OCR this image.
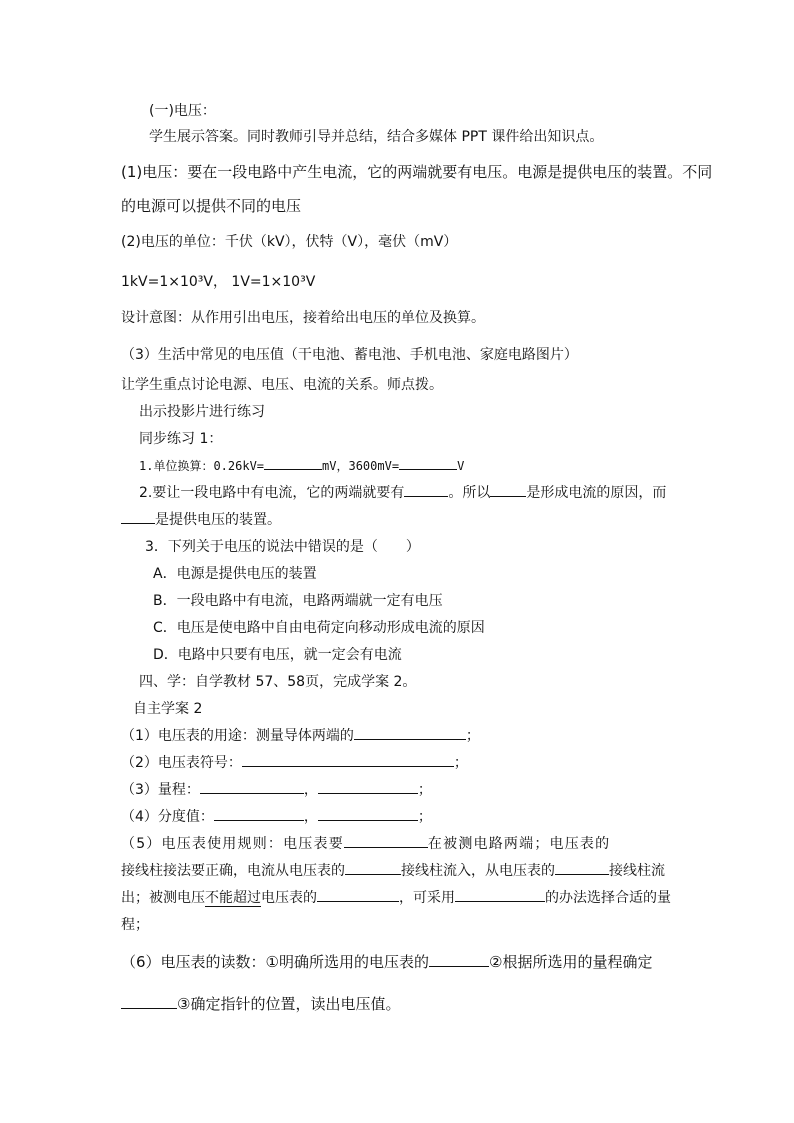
(一)电压：
学生展示答案。同时教师引导并总结，结合多媒体 PPT 课件给出知识点。
(1)电压：要在一段电路中产生电流，它的两端就要有电压。电源是提供电压的装置。不同
的电源可以提供不同的电压
(2)电压的单位：千伏（kV），伏特（V），毫伏（mV）
1kV=1×10³V， 1V=1×10³V
设计意图：从作用引出电压，接着给出电压的单位及换算。
（3）生活中常见的电压值（干电池、蓄电池、手机电池、家庭电路图片）
让学生重点讨论电源、电压、电流的关系。师点拨。
出示投影片进行练习
同步练习 1：
1.单位换算：0.26kV=	mV，3600mV=	V
2.要让一段电路中有电流，它的两端就要有	。所以	是形成电流的原因，而
是提供电压的装置。
3．下列关于电压的说法中错误的是（　　）
A．电源是提供电压的装置
B．一段电路中有电流，电路两端就一定有电压
C．电压是使电路中自由电荷定向移动形成电流的原因
D．电路中只要有电压，就一定会有电流
四、学：自学教材 57、58页，完成学案 2。
自主学案 2
（1）电压表的用途：测量导体两端的	；
（2）电压表符号：	；
（3）量程：	，	；
（4）分度值：	，	；
（5）电压表使用规则：电压表要	在被测电路两端；电压表的
接线柱接法要正确，电流从电压表的	接线柱流入，从电压表的	接线柱流
出；被测电压不能超过电压表的	，可采用	的办法选择合适的量
程；
（6）电压表的读数：①明确所选用的电压表的	②根据所选用的量程确定
③确定指针的位置，读出电压值。
